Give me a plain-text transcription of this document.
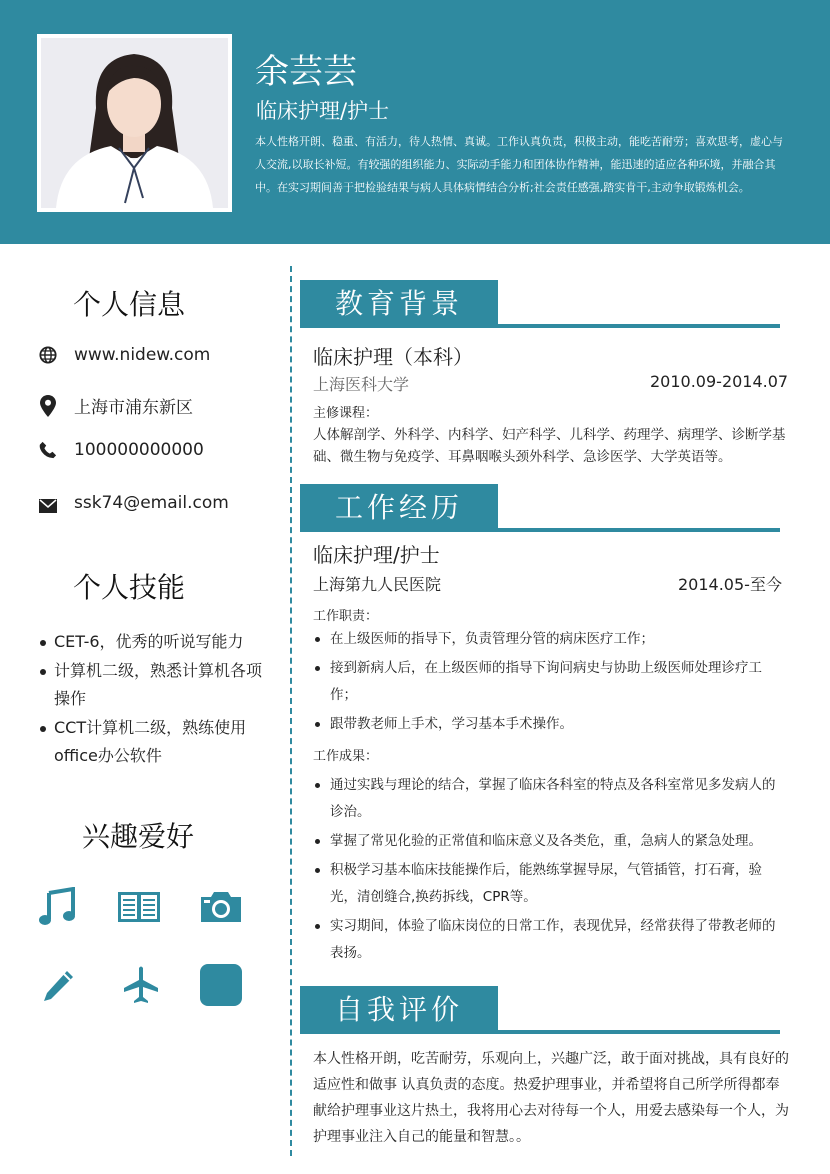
余芸芸
临床护理/护士
本人性格开朗、稳重、有活力，待人热情、真诚。工作认真负责，积极主动，能吃苦耐劳；喜欢思考，虚心与人交流,以取长补短。有较强的组织能力、实际动手能力和团体协作精神，能迅速的适应各种环境，并融合其中。在实习期间善于把检验结果与病人具体病情结合分析;社会责任感强,踏实肯干,主动争取锻炼机会。
个人信息
www.nidew.com
上海市浦东新区
100000000000
ssk74@email.com
个人技能
CET-6，优秀的听说写能力
计算机二级，熟悉计算机各项操作
CCT计算机二级，熟练使用office办公软件
兴趣爱好
教育背景
临床护理（本科）
上海医科大学	2010.09-2014.07
主修课程：
人体解剖学、外科学、内科学、妇产科学、儿科学、药理学、病理学、诊断学基础、微生物与免疫学、耳鼻咽喉头颈外科学、急诊医学、大学英语等。
工作经历
临床护理/护士
上海第九人民医院	2014.05-至今
工作职责：
在上级医师的指导下，负责管理分管的病床医疗工作；
接到新病人后，在上级医师的指导下询问病史与协助上级医师处理诊疗工作；
跟带教老师上手术，学习基本手术操作。
工作成果：
通过实践与理论的结合，掌握了临床各科室的特点及各科室常见多发病人的诊治。
掌握了常见化验的正常值和临床意义及各类危，重，急病人的紧急处理。
积极学习基本临床技能操作后，能熟练掌握导尿，气管插管，打石膏，验光，清创缝合,换药拆线，CPR等。
实习期间，体验了临床岗位的日常工作，表现优异，经常获得了带教老师的表扬。
自我评价
本人性格开朗，吃苦耐劳，乐观向上，兴趣广泛，敢于面对挑战，具有良好的适应性和做事 认真负责的态度。热爱护理事业，并希望将自己所学所得都奉献给护理事业这片热土，我将用心去对待每一个人，用爱去感染每一个人，为护理事业注入自己的能量和智慧。。
